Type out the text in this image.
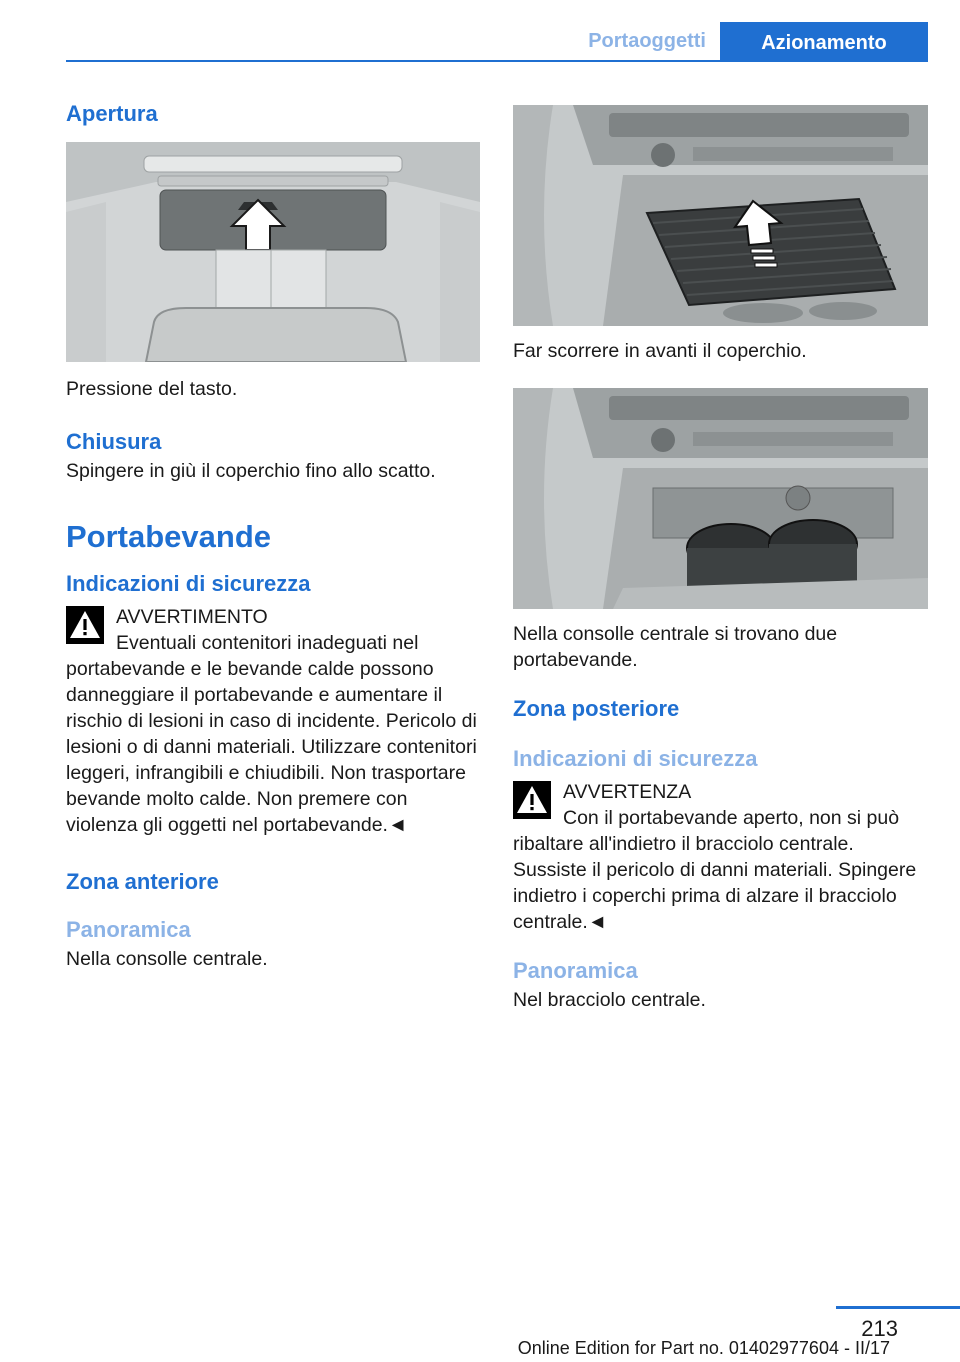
Portaoggetti	Azionamento
Apertura
Pressione del tasto.
Chiusura
Spingere in giù il coperchio fino allo scatto.
Portabevande
Indicazioni di sicurezza
AVVERTIMENTO
Eventuali contenitori inadeguati nel portabevande e le bevande calde possono danneggiare il portabevande e aumentare il rischio di lesioni in caso di incidente. Pericolo di lesioni o di danni materiali. Utilizzare contenitori leggeri, infrangibili e chiudibili. Non trasportare bevande molto calde. Non premere con violenza gli oggetti nel portabevande.◄
Zona anteriore
Panoramica
Nella consolle centrale.
Far scorrere in avanti il coperchio.
Nella consolle centrale si trovano due portabevande.
Zona posteriore
Indicazioni di sicurezza
AVVERTENZA
Con il portabevande aperto, non si può ribaltare all'indietro il bracciolo centrale. Sussiste il pericolo di danni materiali. Spingere indietro i coperchi prima di alzare il bracciolo centrale.◄
Panoramica
Nel bracciolo centrale.
213
Online Edition for Part no. 01402977604 - II/17
